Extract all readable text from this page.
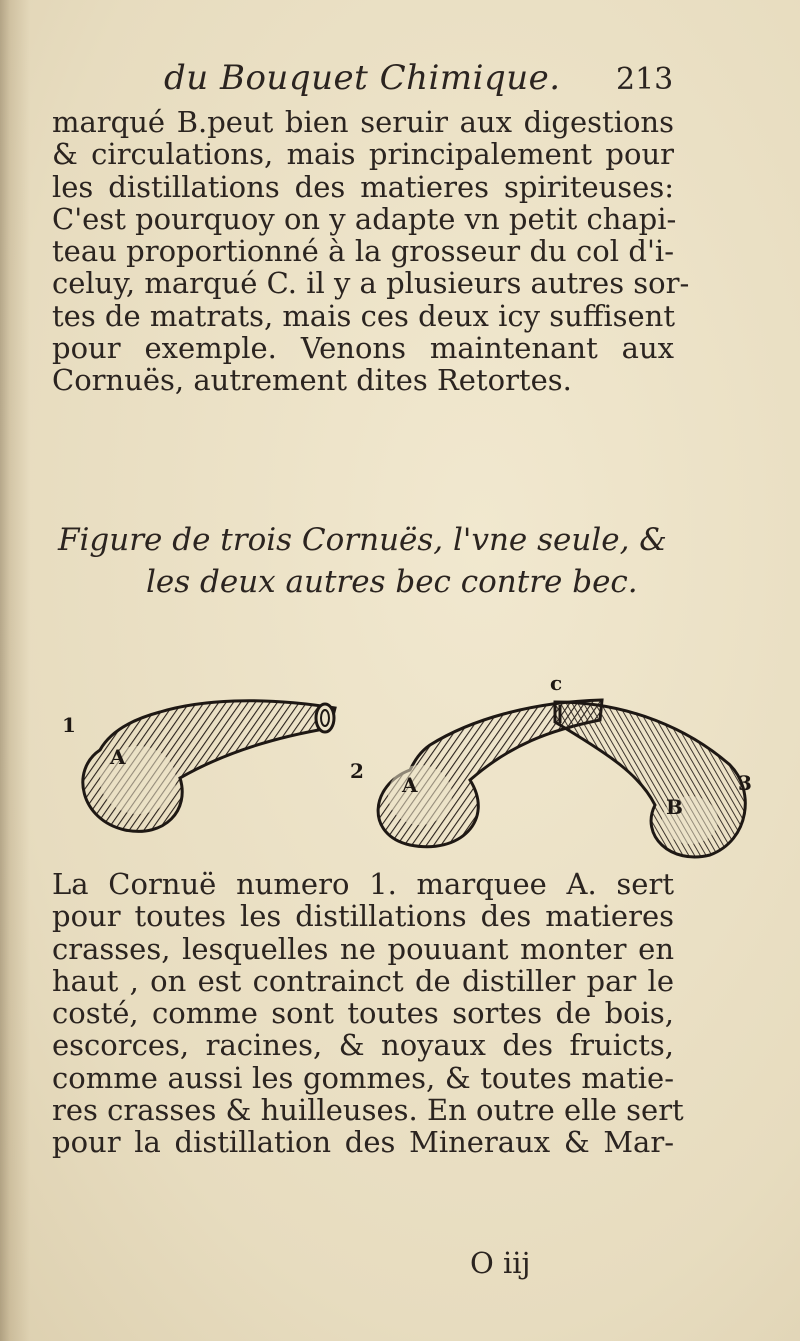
du Bouquet Chimique. 213
marqué B.peut bien seruir aux digestions
& circulations, mais principalement pour
les distillations des matieres spiriteuses:
C'est pourquoy on y adapte vn petit chapi-
teau proportionné à la grosseur du col d'i-
celuy, marqué C. il y a plusieurs autres sor-
tes de matrats, mais ces deux icy suffisent
pour exemple. Venons maintenant aux
Cornuës, autrement dites Retortes.
Figure de trois Cornuës, l'vne seule, &
les deux autres bec contre bec.
1
A
2
A
B
3
c
La Cornuë numero 1. marquee A. sert
pour toutes les distillations des matieres
crasses, lesquelles ne pouuant monter en
haut , on est contrainct de distiller par le
costé, comme sont toutes sortes de bois,
escorces, racines, & noyaux des fruicts,
comme aussi les gommes, & toutes matie-
res crasses & huilleuses. En outre elle sert
pour la distillation des Mineraux & Mar-
O iij
